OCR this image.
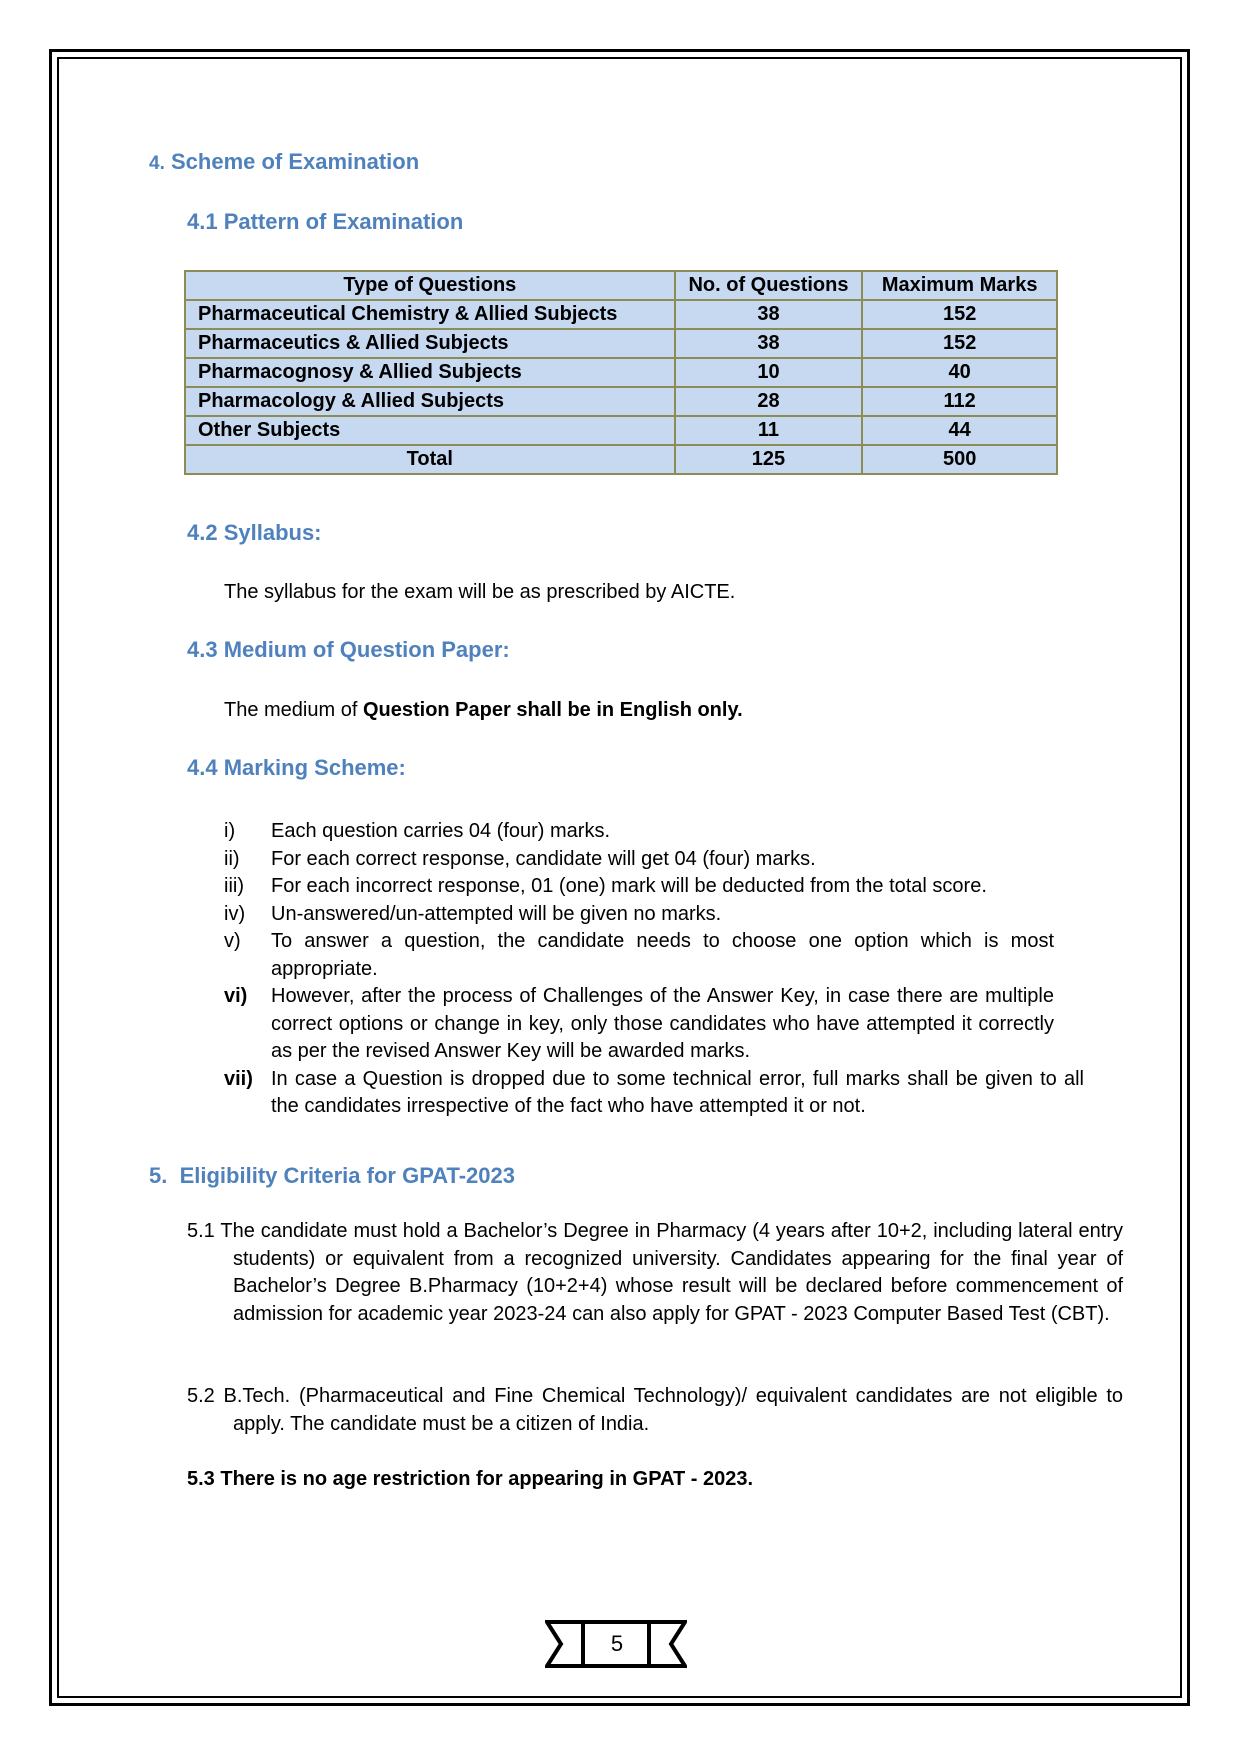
4. Scheme of Examination
4.1 Pattern of Examination
Type of Questions	No. of Questions	Maximum Marks
Pharmaceutical Chemistry & Allied Subjects	38	152
Pharmaceutics & Allied Subjects	38	152
Pharmacognosy & Allied Subjects	10	40
Pharmacology & Allied Subjects	28	112
Other Subjects	11	44
Total	125	500
4.2 Syllabus:
The syllabus for the exam will be as prescribed by AICTE.
4.3 Medium of Question Paper:
The medium of Question Paper shall be in English only.
4.4 Marking Scheme:
i)	Each question carries 04 (four) marks.
ii)	For each correct response, candidate will get 04 (four) marks.
iii)	For each incorrect response, 01 (one) mark will be deducted from the total score.
iv)	Un-answered/un-attempted will be given no marks.
v)	To answer a question, the candidate needs to choose one option which is most appropriate.
vi)	However, after the process of Challenges of the Answer Key, in case there are multiple correct options or change in key, only those candidates who have attempted it correctly as per the revised Answer Key will be awarded marks.
vii) In case a Question is dropped due to some technical error, full marks shall be given to all the candidates irrespective of the fact who have attempted it or not.
5. Eligibility Criteria for GPAT-2023
5.1 The candidate must hold a Bachelor’s Degree in Pharmacy (4 years after 10+2, including lateral entry students) or equivalent from a recognized university. Candidates appearing for the final year of Bachelor’s Degree B.Pharmacy (10+2+4) whose result will be declared before commencement of admission for academic year 2023-24 can also apply for GPAT - 2023 Computer Based Test (CBT).
5.2 B.Tech. (Pharmaceutical and Fine Chemical Technology)/ equivalent candidates are not eligible to apply. The candidate must be a citizen of India.
5.3 There is no age restriction for appearing in GPAT - 2023.
5
